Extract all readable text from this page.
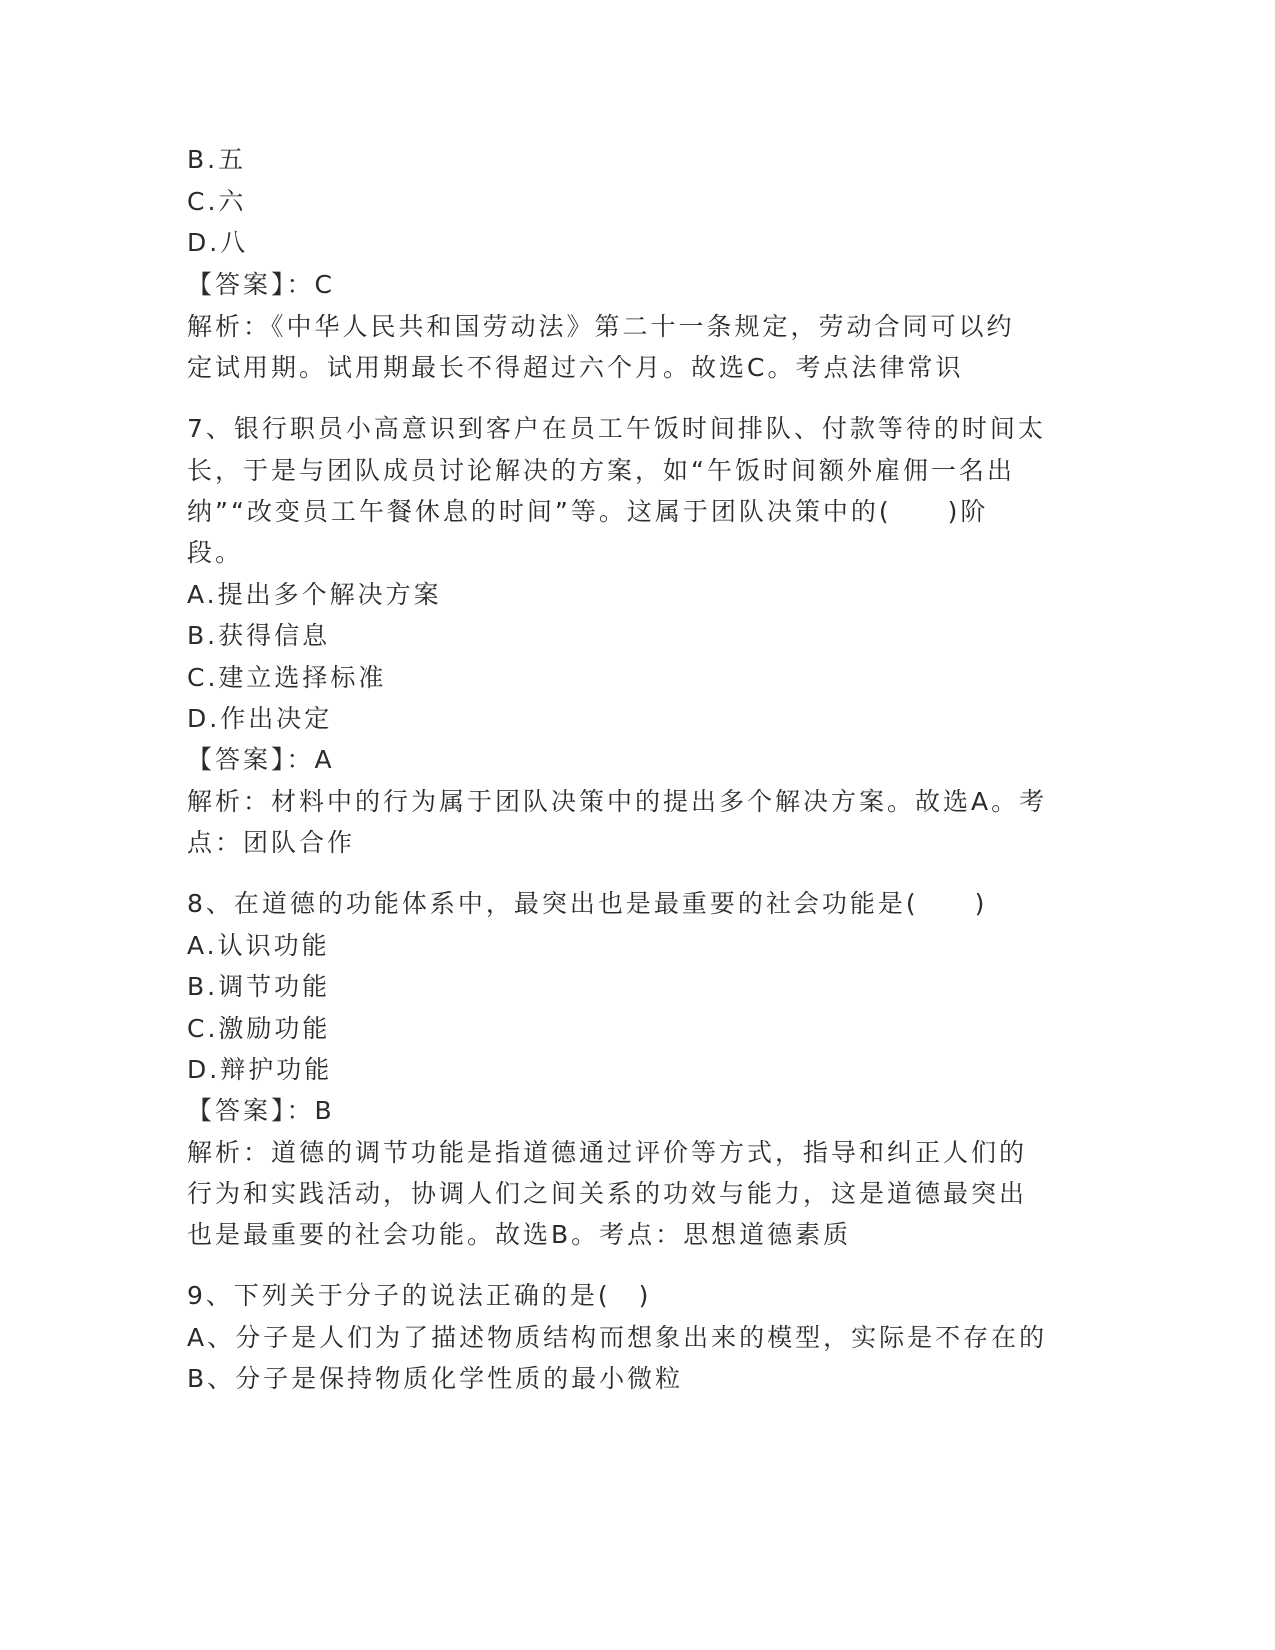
B.五
C.六
D.八
【答案】：C
解析：《中华人民共和国劳动法》第二十一条规定，劳动合同可以约
定试用期。试用期最长不得超过六个月。故选C。考点法律常识
7、银行职员小高意识到客户在员工午饭时间排队、付款等待的时间太
长，于是与团队成员讨论解决的方案，如“午饭时间额外雇佣一名出
纳”“改变员工午餐休息的时间”等。这属于团队决策中的(　　)阶
段。
A.提出多个解决方案
B.获得信息
C.建立选择标准
D.作出决定
【答案】：A
解析：材料中的行为属于团队决策中的提出多个解决方案。故选A。考
点：团队合作
8、在道德的功能体系中，最突出也是最重要的社会功能是(　　)
A.认识功能
B.调节功能
C.激励功能
D.辩护功能
【答案】：B
解析：道德的调节功能是指道德通过评价等方式，指导和纠正人们的
行为和实践活动，协调人们之间关系的功效与能力，这是道德最突出
也是最重要的社会功能。故选B。考点：思想道德素质
9、下列关于分子的说法正确的是(　)
A、分子是人们为了描述物质结构而想象出来的模型，实际是不存在的
B、分子是保持物质化学性质的最小微粒
